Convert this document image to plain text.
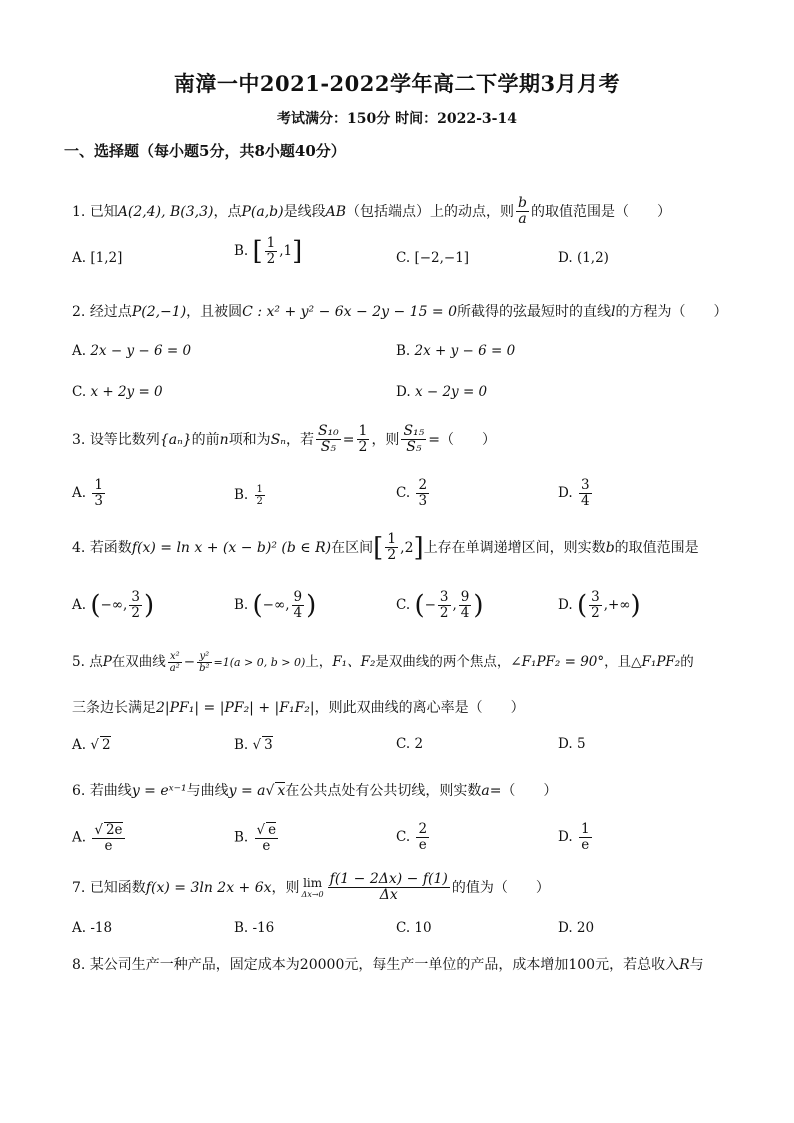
南漳一中2021-2022学年高二下学期3月月考
考试满分：150分 时间：2022-3-14
一、选择题（每小题5分，共8小题40分）
1. 已知A(2,4), B(3,3)，点P(a,b)是线段AB（包括端点）上的动点，则 $\frac{b}{a}$ 的取值范围是（　　）
A. [1,2]	B. [ $\frac{1}{2} ,1$]	C. [−2,−1]	D. (1,2)
2. 经过点P(2,−1)，且被圆C : x² + y² − 6x − 2y − 15 = 0所截得的弦最短时的直线l的方程为（　　）
A. 2x − y − 6 = 0	B. 2x + y − 6 = 0
C. x + 2y = 0	D. x − 2y = 0
3. 设等比数列{aₙ}的前n项和为Sₙ，若 $\frac{\text{S₁₀}}{\text{S₅}} = \frac{1}{2}$ ，则 $\frac{\text{S₁₅}}{\text{S₅}}$ =（　　）
A. $\frac{1}{3}$	B. $\frac{1}{2}$	C. $\frac{2}{3}$	D. $\frac{3}{4}$
4. 若函数f(x) = ln x + (x − b)² (b ∈ R)在区间[ $\frac{1}{2} ,2$]上存在单调递增区间，则实数b的取值范围是
A. (−∞, $\frac{3}{2}$ )	B. (−∞, $\frac{9}{4}$ )	C. (− $\frac{3}{2}$ , $\frac{9}{4}$ )	D. ( $\frac{3}{2}$ ,+∞)
5. 点P在双曲线 $\frac{\text{x²}}{\text{a²}} - \frac{\text{y²}}{\text{b²}} =1(a > 0$, b > 0)上，F₁、F₂是双曲线的两个焦点，∠F₁PF₂ = 90°，且△F₁PF₂的
三条边长满足2|PF₁| = |PF₂| + |F₁F₂|，则此双曲线的离心率是（　　）
A. √ 2	B. √ 3	C. 2	D. 5
6. 若曲线y = eˣ⁻¹与曲线y = a√ x在公共点处有公共切线，则实数a=（　　）
A. $\frac{√ 2e}{e}$	B. $\frac{√ e}{e}$	C. $\frac{2}{e}$	D. $\frac{1}{e}$
7. 已知函数f(x) = 3ln 2x + 6x，则 lim
$\Delta x\to 0 \frac{f(1 - 2\Delta x) - f(1)}{\Delta x}$ 的值为（　　）
A. -18	B. -16	C. 10	D. 20
8. 某公司生产一种产品，固定成本为20000元，每生产一单位的产品，成本增加100元，若总收入R与
